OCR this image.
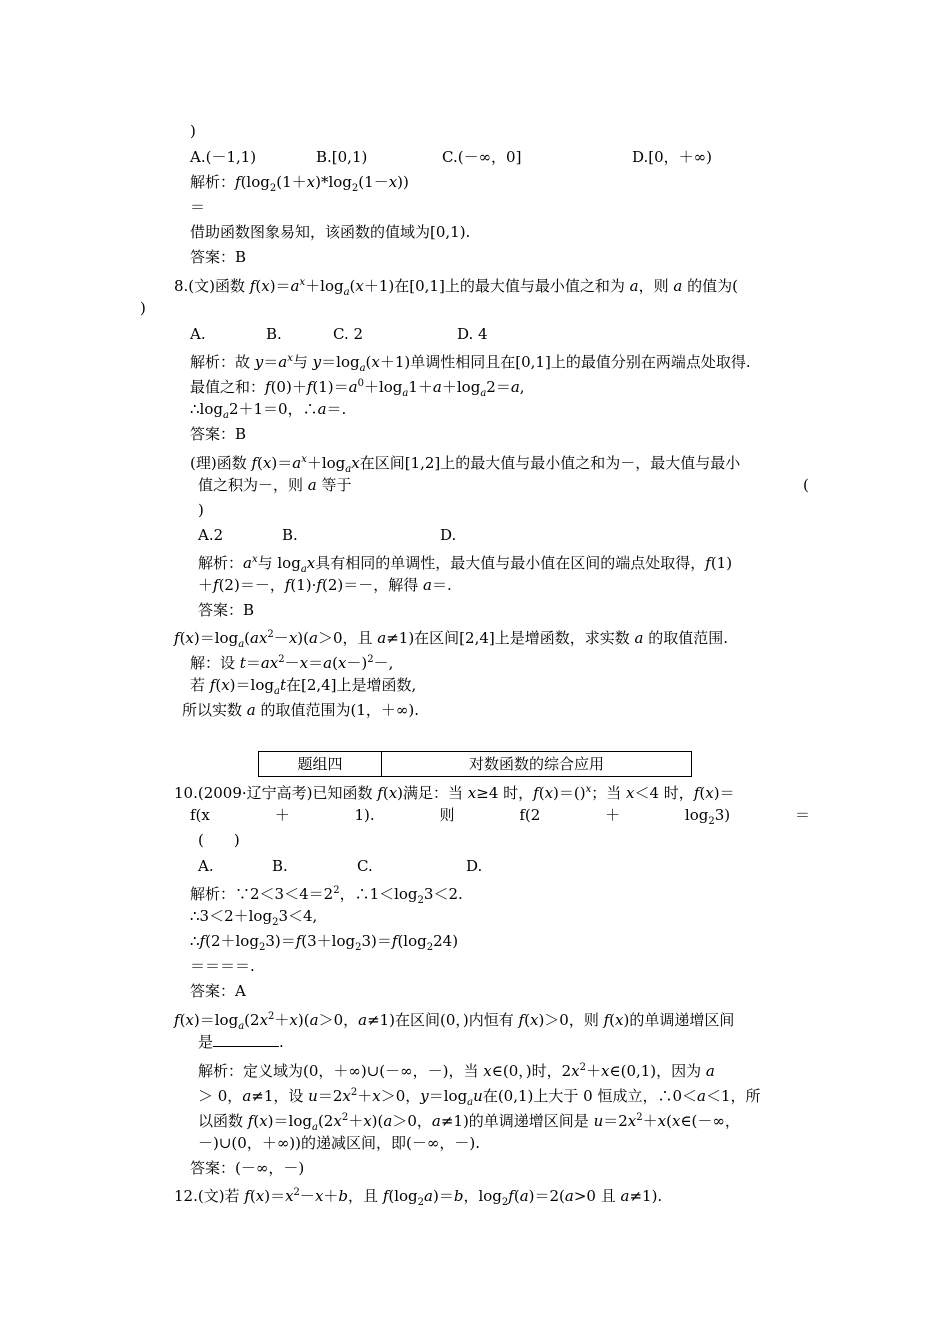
)
A.(－1,1)	B.[0,1)	C.(－∞，0]	D.[0，＋∞)
解析：$f(\log_2(1+x)*\log_2(1-x))$
＝
借助函数图象易知，该函数的值域为[0,1).
答案：B
8.(文)函数 $f(x)=a^x+\log_a(x+1)$在[0,1]上的最大值与最小值之和为 a，则 a 的值为(
)
A.	B.	C. 2	D. 4
解析：故 $y=a^x$与 $y=\log_a(x+1)$单调性相同且在[0,1]上的最值分别在两端点处取得.
最值之和：$f(0)+f(1)=a^0+\log_a1+a+\log_a2=a$,
$\therefore\log_a2+1=0$，∴a＝.
答案：B
(理)函数 $f(x)=a^x+\log_ax$在区间[1,2]上的最大值与最小值之和为－，最大值与最小
值之积为－，则 a 等于	(
)
A.2	B.	D.
解析：$a^x$与 $\log_ax$具有相同的单调性，最大值与最小值在区间的端点处取得，f(1)
＋f(2)＝－，f(1)·f(2)＝－，解得 a＝.
答案：B
$f(x)=\log_a(ax^2-x)(a>0$，且 a≠1)在区间[2,4]上是增函数，求实数 a 的取值范围.
解：设 $t=ax^2-x=a(x-)^2-$,
若 $f(x)=\log_at$在[2,4]上是增函数,
所以实数 a 的取值范围为(1，＋∞).
题组四	对数函数的综合应用
10.(2009·辽宁高考)已知函数 f(x)满足：当 x≥4 时，f(x)＝()$^x$；当 x＜4 时，f(x)＝
f(x	＋	1).	则	f(2	＋	$\log_23$)	＝
(　　)
A.	B.	C.	D.
解析：$\because 2<3<4=2^2$，$\therefore 1<\log_23<2$.
$\therefore 3<2+\log_23<4$,
$\therefore f(2+\log_23)=f(3+\log_23)=f(\log_224)$
＝＝＝＝.
答案：A
$f(x)=\log_a(2x^2+x)(a>0$，a≠1)在区间(0，)内恒有 f(x)＞0，则 f(x)的单调递增区间
是	.
解析：定义域为(0，＋∞)∪(－∞，－)，当 x∈(0，)时，$2x^2+x\in(0,1)$，因为 a
＞ 0，a≠1，设 $u=2x^2+x>0$，$y=\log_au$在(0,1)上大于 0 恒成立，∴0＜a＜1，所
以函数 $f(x)=\log_a(2x^2+x)(a>0$，a≠1)的单调递增区间是 $u=2x^2+x(x\in(-\infty$，
－)∪(0，＋∞))的递减区间，即(－∞，－).
答案：(－∞，－)
12.(文)若 $f(x)=x^2-x+b$，且 $f(\log_2a)=b$，$\log_2f(a)=2(a>0$ 且 a≠1).
